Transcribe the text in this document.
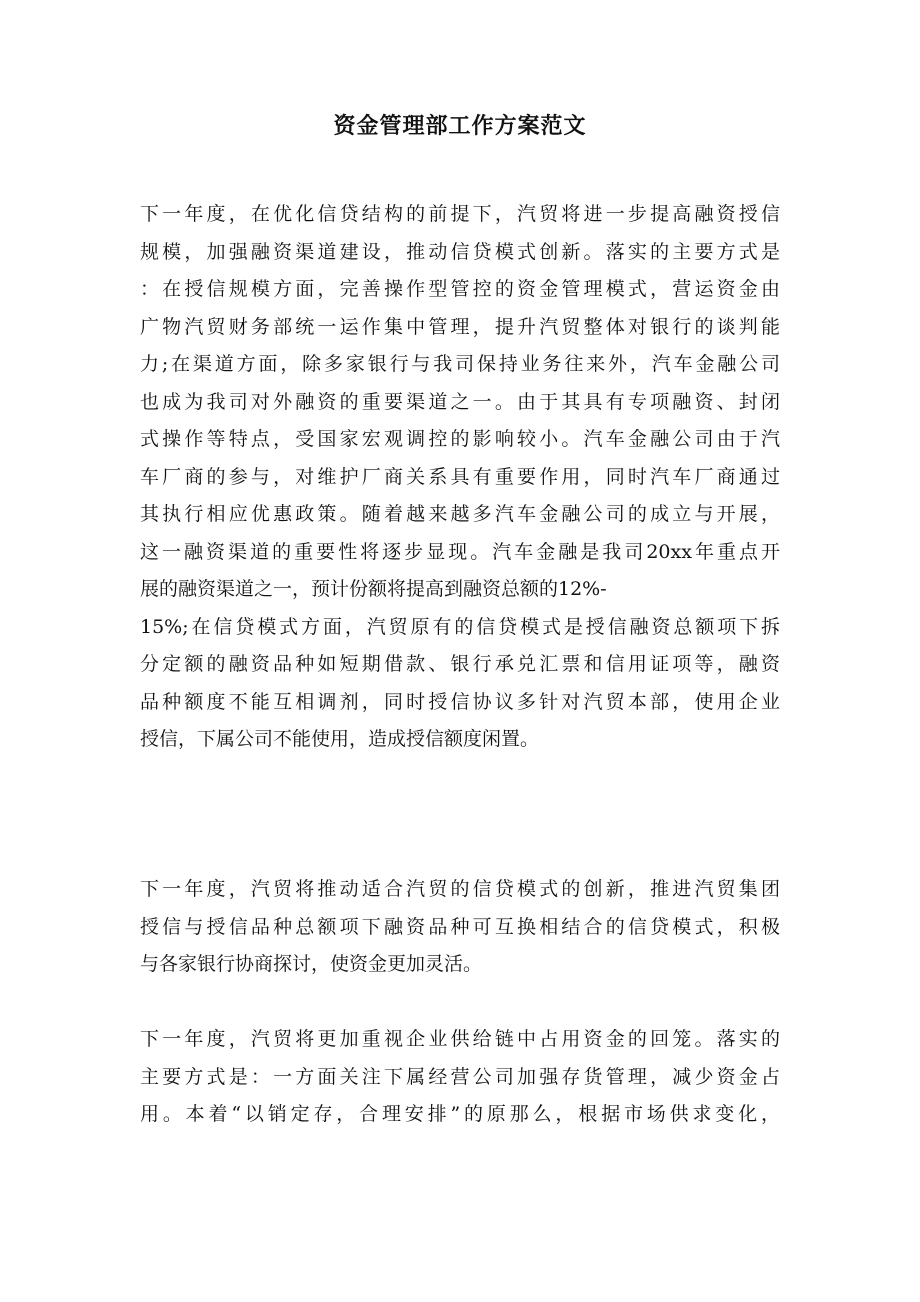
资金管理部工作方案范文
下一年度，在优化信贷结构的前提下，汽贸将进一步提高融资授信
规模，加强融资渠道建设，推动信贷模式创新。落实的主要方式是
：在授信规模方面，完善操作型管控的资金管理模式，营运资金由
广物汽贸财务部统一运作集中管理，提升汽贸整体对银行的谈判能
力;在渠道方面，除多家银行与我司保持业务往来外，汽车金融公司
也成为我司对外融资的重要渠道之一。由于其具有专项融资、封闭
式操作等特点，受国家宏观调控的影响较小。汽车金融公司由于汽
车厂商的参与，对维护厂商关系具有重要作用，同时汽车厂商通过
其执行相应优惠政策。随着越来越多汽车金融公司的成立与开展，
这一融资渠道的重要性将逐步显现。汽车金融是我司20xx年重点开
展的融资渠道之一，预计份额将提高到融资总额的12%-
15%;在信贷模式方面，汽贸原有的信贷模式是授信融资总额项下拆
分定额的融资品种如短期借款、银行承兑汇票和信用证项等，融资
品种额度不能互相调剂，同时授信协议多针对汽贸本部，使用企业
授信，下属公司不能使用，造成授信额度闲置。
下一年度，汽贸将推动适合汽贸的信贷模式的创新，推进汽贸集团
授信与授信品种总额项下融资品种可互换相结合的信贷模式，积极
与各家银行协商探讨，使资金更加灵活。
下一年度，汽贸将更加重视企业供给链中占用资金的回笼。落实的
主要方式是：一方面关注下属经营公司加强存货管理，减少资金占
用。本着“以销定存，合理安排”的原那么，根据市场供求变化，
